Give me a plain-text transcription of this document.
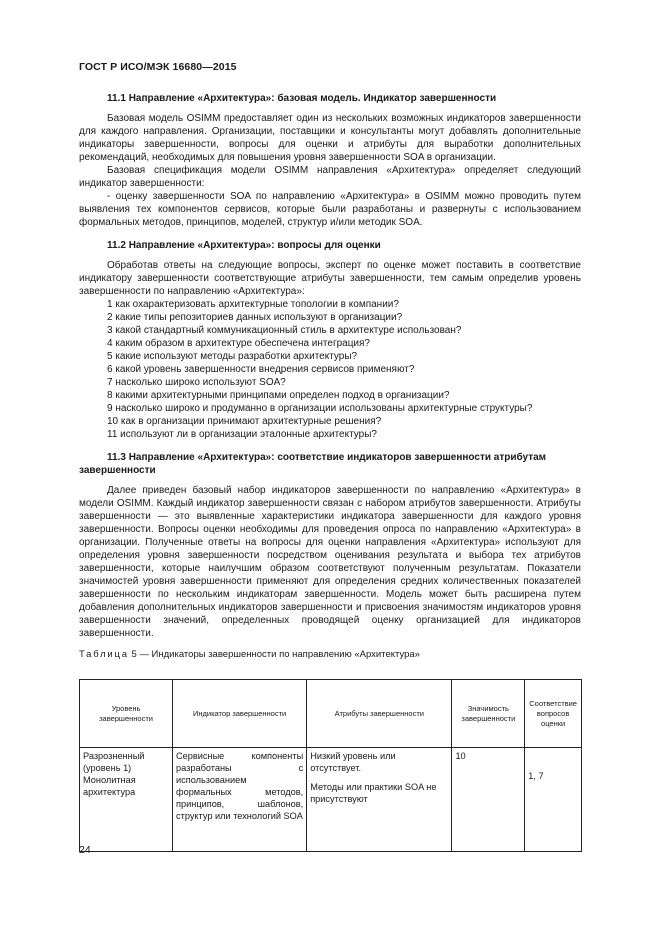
ГОСТ Р ИСО/МЭК 16680—2015

11.1 Направление «Архитектура»: базовая модель. Индикатор завершенности

Базовая модель OSIMM предоставляет один из нескольких возможных индикаторов завершенности для каждого направления. Организации, поставщики и консультанты могут добавлять дополнительные индикаторы завершенности, вопросы для оценки и атрибуты для выработки дополнительных рекомендаций, необходимых для повышения уровня завершенности SOA в организации.

Базовая спецификация модели OSIMM направления «Архитектура» определяет следующий индикатор завершенности:

- оценку завершенности SOA по направлению «Архитектура» в OSIMM можно проводить путем выявления тех компонентов сервисов, которые были разработаны и развернуты с использованием формальных методов, принципов, моделей, структур и/или методик SOA.

11.2 Направление «Архитектура»: вопросы для оценки

Обработав ответы на следующие вопросы, эксперт по оценке может поставить в соответствие индикатору завершенности соответствующие атрибуты завершенности, тем самым определив уровень завершенности по направлению «Архитектура»:

1 как охарактеризовать архитектурные топологии в компании?

2 какие типы репозиториев данных используют в организации?

3 какой стандартный коммуникационный стиль в архитектуре использован?

4 каким образом в архитектуре обеспечена интеграция?

5 какие используют методы разработки архитектуры?

6 какой уровень завершенности внедрения сервисов применяют?

7 насколько широко используют SOA?

8 какими архитектурными принципами определен подход в организации?

9 насколько широко и продуманно в организации использованы архитектурные структуры?

10 как в организации принимают архитектурные решения?

11 используют ли в организации эталонные архитектуры?

11.3 Направление «Архитектура»: соответствие индикаторов завершенности атрибутам завершенности

Далее приведен базовый набор индикаторов завершенности по направлению «Архитектура» в модели OSIMM. Каждый индикатор завершенности связан с набором атрибутов завершенности. Атрибуты завершенности — это выявленные характеристики индикатора завершенности для каждого уровня завершенности. Вопросы оценки необходимы для проведения опроса по направлению «Архитектура» в организации. Полученные ответы на вопросы для оценки направления «Архитектура» используют для определения уровня завершенности посредством оценивания результата и выбора тех атрибутов завершенности, которые наилучшим образом соответствуют полученным результатам. Показатели значимостей уровня завершенности применяют для определения средних количественных показателей завершенности по нескольким индикаторам завершенности. Модель может быть расширена путем добавления дополнительных индикаторов завершенности и присвоения значимостям индикаторов уровня завершенности значений, определенных проводящей оценку организацией для индикаторов завершенности.

Таблица 5 — Индикаторы завершенности по направлению «Архитектура»

Уровень завершенности	Индикатор завершенности	Атрибуты завершенности	Значимость завершенности	Соответствие вопросов оценки
Разрозненный (уровень 1) Монолитная архитектура	Сервисные компоненты разработаны с использованием формальных методов, принципов, шаблонов, структур или технологий SOA	Низкий уровень или отсутствует.

Методы или практики SOA не присутствуют	10	1, 7
24
